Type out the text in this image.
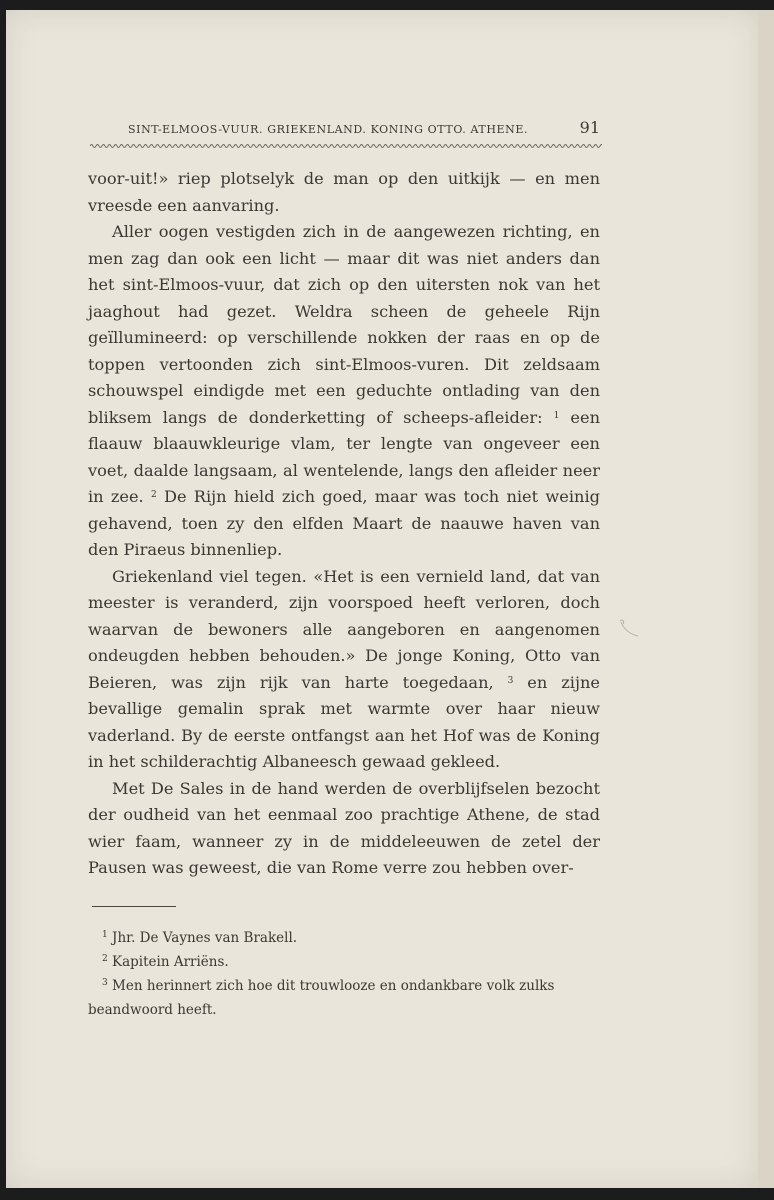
SINT-ELMOOS-VUUR. GRIEKENLAND. KONING OTTO. ATHENE.	91

voor-uit!» riep plotselyk de man op den uitkijk — en men vreesde een aanvaring.

Aller oogen vestigden zich in de aangewezen richting, en men zag dan ook een licht — maar dit was niet anders dan het sint-Elmoos-vuur, dat zich op den uitersten nok van het jaaghout had gezet. Weldra scheen de geheele Rijn geïllumineerd: op verschillende nokken der raas en op de toppen vertoonden zich sint-Elmoos-vuren. Dit zeldsaam schouwspel eindigde met een geduchte ontlading van den bliksem langs de donderketting of scheeps-afleider: $^1$ een flaauw blaauwkleurige vlam, ter lengte van ongeveer een voet, daalde langsaam, al wentelende, langs den afleider neer in zee. $^2$ De Rijn hield zich goed, maar was toch niet weinig gehavend, toen zy den elfden Maart de naauwe haven van den Piraeus binnenliep.

Griekenland viel tegen. «Het is een vernield land, dat van meester is veranderd, zijn voorspoed heeft verloren, doch waarvan de bewoners alle aangeboren en aangenomen ondeugden hebben behouden.» De jonge Koning, Otto van Beieren, was zijn rijk van harte toegedaan, $^3$ en zijne bevallige gemalin sprak met warmte over haar nieuw vaderland. By de eerste ontfangst aan het Hof was de Koning in het schilderachtig Albaneesch gewaad gekleed.

Met De Sales in de hand werden de overblijfselen bezocht der oudheid van het eenmaal zoo prachtige Athene, de stad wier faam, wanneer zy in de middeleeuwen de zetel der Pausen was geweest, die van Rome verre zou hebben over-

$^1$ Jhr. De Vaynes van Brakell.

$^2$ Kapitein Arriëns.

$^3$ Men herinnert zich hoe dit trouwlooze en ondankbare volk zulks beandwoord heeft.
